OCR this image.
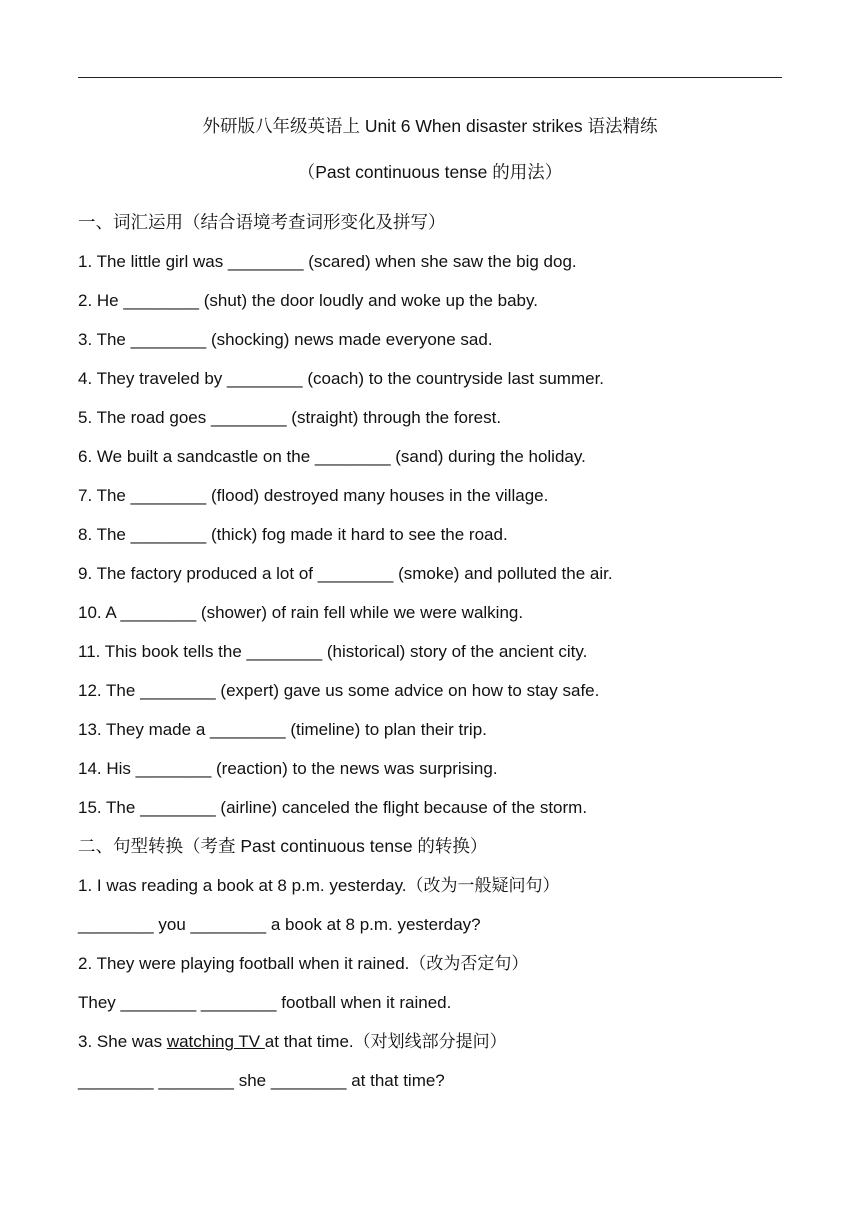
外研版八年级英语上 Unit 6 When disaster strikes 语法精练
（Past continuous tense 的用法）
一、词汇运用（结合语境考查词形变化及拼写）
1. The little girl was ________ (scared) when she saw the big dog.
2. He ________ (shut) the door loudly and woke up the baby.
3. The ________ (shocking) news made everyone sad.
4. They traveled by ________ (coach) to the countryside last summer.
5. The road goes ________ (straight) through the forest.
6. We built a sandcastle on the ________ (sand) during the holiday.
7. The ________ (flood) destroyed many houses in the village.
8. The ________ (thick) fog made it hard to see the road.
9. The factory produced a lot of ________ (smoke) and polluted the air.
10. A ________ (shower) of rain fell while we were walking.
11. This book tells the ________ (historical) story of the ancient city.
12. The ________ (expert) gave us some advice on how to stay safe.
13. They made a ________ (timeline) to plan their trip.
14. His ________ (reaction) to the news was surprising.
15. The ________ (airline) canceled the flight because of the storm.
二、句型转换（考查 Past continuous tense 的转换）
1. I was reading a book at 8 p.m. yesterday.（改为一般疑问句）
________ you ________ a book at 8 p.m. yesterday?
2. They were playing football when it rained.（改为否定句）
They ________ ________ football when it rained.
3. She was watching TV at that time.（对划线部分提问）
________ ________ she ________ at that time?
